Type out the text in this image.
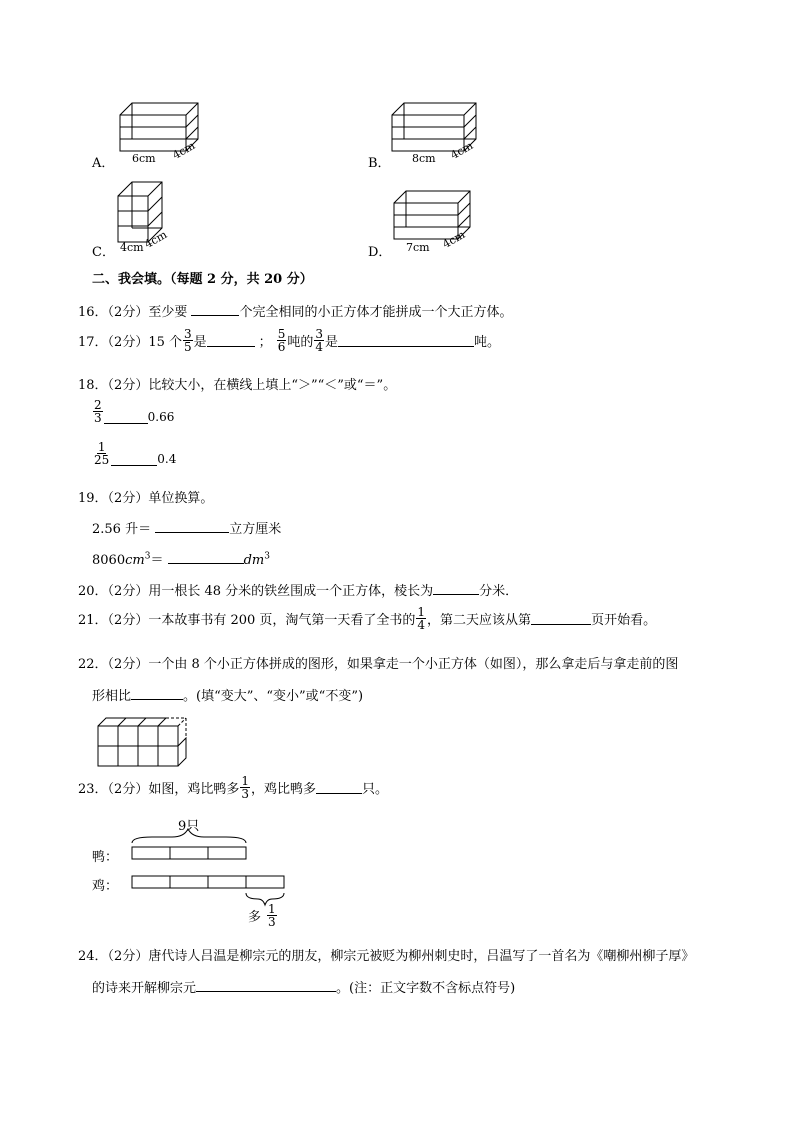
A． 6cm 4cm
B． 8cm 4cm
C． 4cm
4cm
D． 7cm 4cm
二、我会填。（每题 2 分，共 20 分）
16．（2分）至少要	个完全相同的小正方体才能拼成一个大正方体。
17．（2分） 15 个 $\frac{3}{5}$ 是	； $\frac{5}{6}$ 吨的 $\frac{3}{4}$ 是	吨。
18．（2分）比较大小，在横线上填上“＞”“＜”或“＝”。
$\frac{2}{3}$	0.66
$\frac{1}{25}$	0.4
19．（2分）单位换算。
2.56 升＝	立方厘米
$8060cm^3=$	$dm^3$
20．（2分）用一根长 48 分米的铁丝围成一个正方体，棱长为	分米．
21．（2分） 一本故事书有 200 页，淘气第一天看了全书的 $\frac{1}{4}$ ，第二天应该从第	页开始看。
22．（2分）一个由 8 个小正方体拼成的图形，如果拿走一个小正方体（如图），那么拿走后与拿走前的图
形相比	。(填“变大”、“变小”或“不变”)
23．（2分） 如图，鸡比鸭多 $\frac{1}{3}$ ，鸡比鸭多	只。
9只
鸭：
鸡：
多 $\frac{1}{3}$
24．（2分）唐代诗人吕温是柳宗元的朋友，柳宗元被贬为柳州刺史时，吕温写了一首名为《嘲柳州柳子厚》
的诗来开解柳宗元	。(注：正文字数不含标点符号)
